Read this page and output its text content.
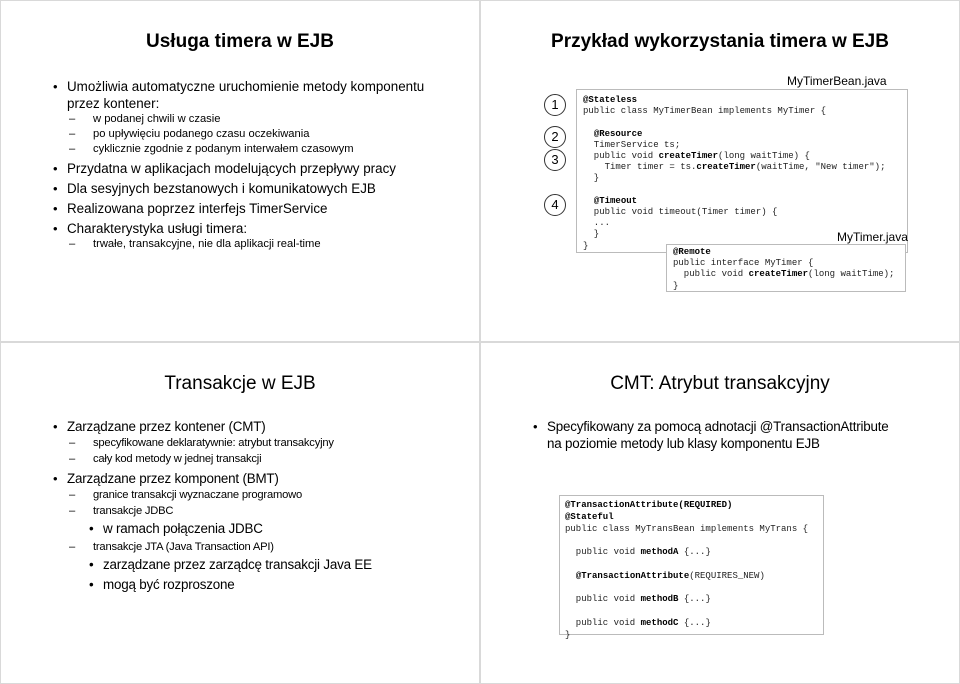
Usługa timera w EJB
• Umożliwia automatyczne uruchomienie metody komponentu przez kontener:
– w podanej chwili w czasie
– po upływięciu podanego czasu oczekiwania
– cyklicznie zgodnie z podanym interwałem czasowym
• Przydatna w aplikacjach modelujących przepływy pracy
• Dla sesyjnych bezstanowych i komunikatowych EJB
• Realizowana poprzez interfejs TimerService
• Charakterystyka usługi timera:
– trwałe, transakcyjne, nie dla aplikacji real-time
Przykład wykorzystania timera w EJB
MyTimerBean.java
@Stateless
public class MyTimerBean implements MyTimer {

@Resource
TimerService ts;
public void createTimer(long waitTime) {
Timer timer = ts.createTimer(waitTime, "New timer");
}

@Timeout
public void timeout(Timer timer) {
...
}
}
1
2
3
4
MyTimer.java
@Remote
public interface MyTimer {
public void createTimer(long waitTime);
}
Transakcje w EJB
• Zarządzane przez kontener (CMT)
– specyfikowane deklaratywnie: atrybut transakcyjny
– cały kod metody w jednej transakcji
• Zarządzane przez komponent (BMT)
– granice transakcji wyznaczane programowo
– transakcje JDBC
• w ramach połączenia JDBC
– transakcje JTA (Java Transaction API)
• zarządzane przez zarządcę transakcji Java EE
• mogą być rozproszone
CMT: Atrybut transakcyjny
• Specyfikowany za pomocą adnotacji @TransactionAttribute na poziomie metody lub klasy komponentu EJB
@TransactionAttribute(REQUIRED)
@Stateful
public class MyTransBean implements MyTrans {

public void methodA {...}

@TransactionAttribute(REQUIRES_NEW)

public void methodB {...}

public void methodC {...}
}
